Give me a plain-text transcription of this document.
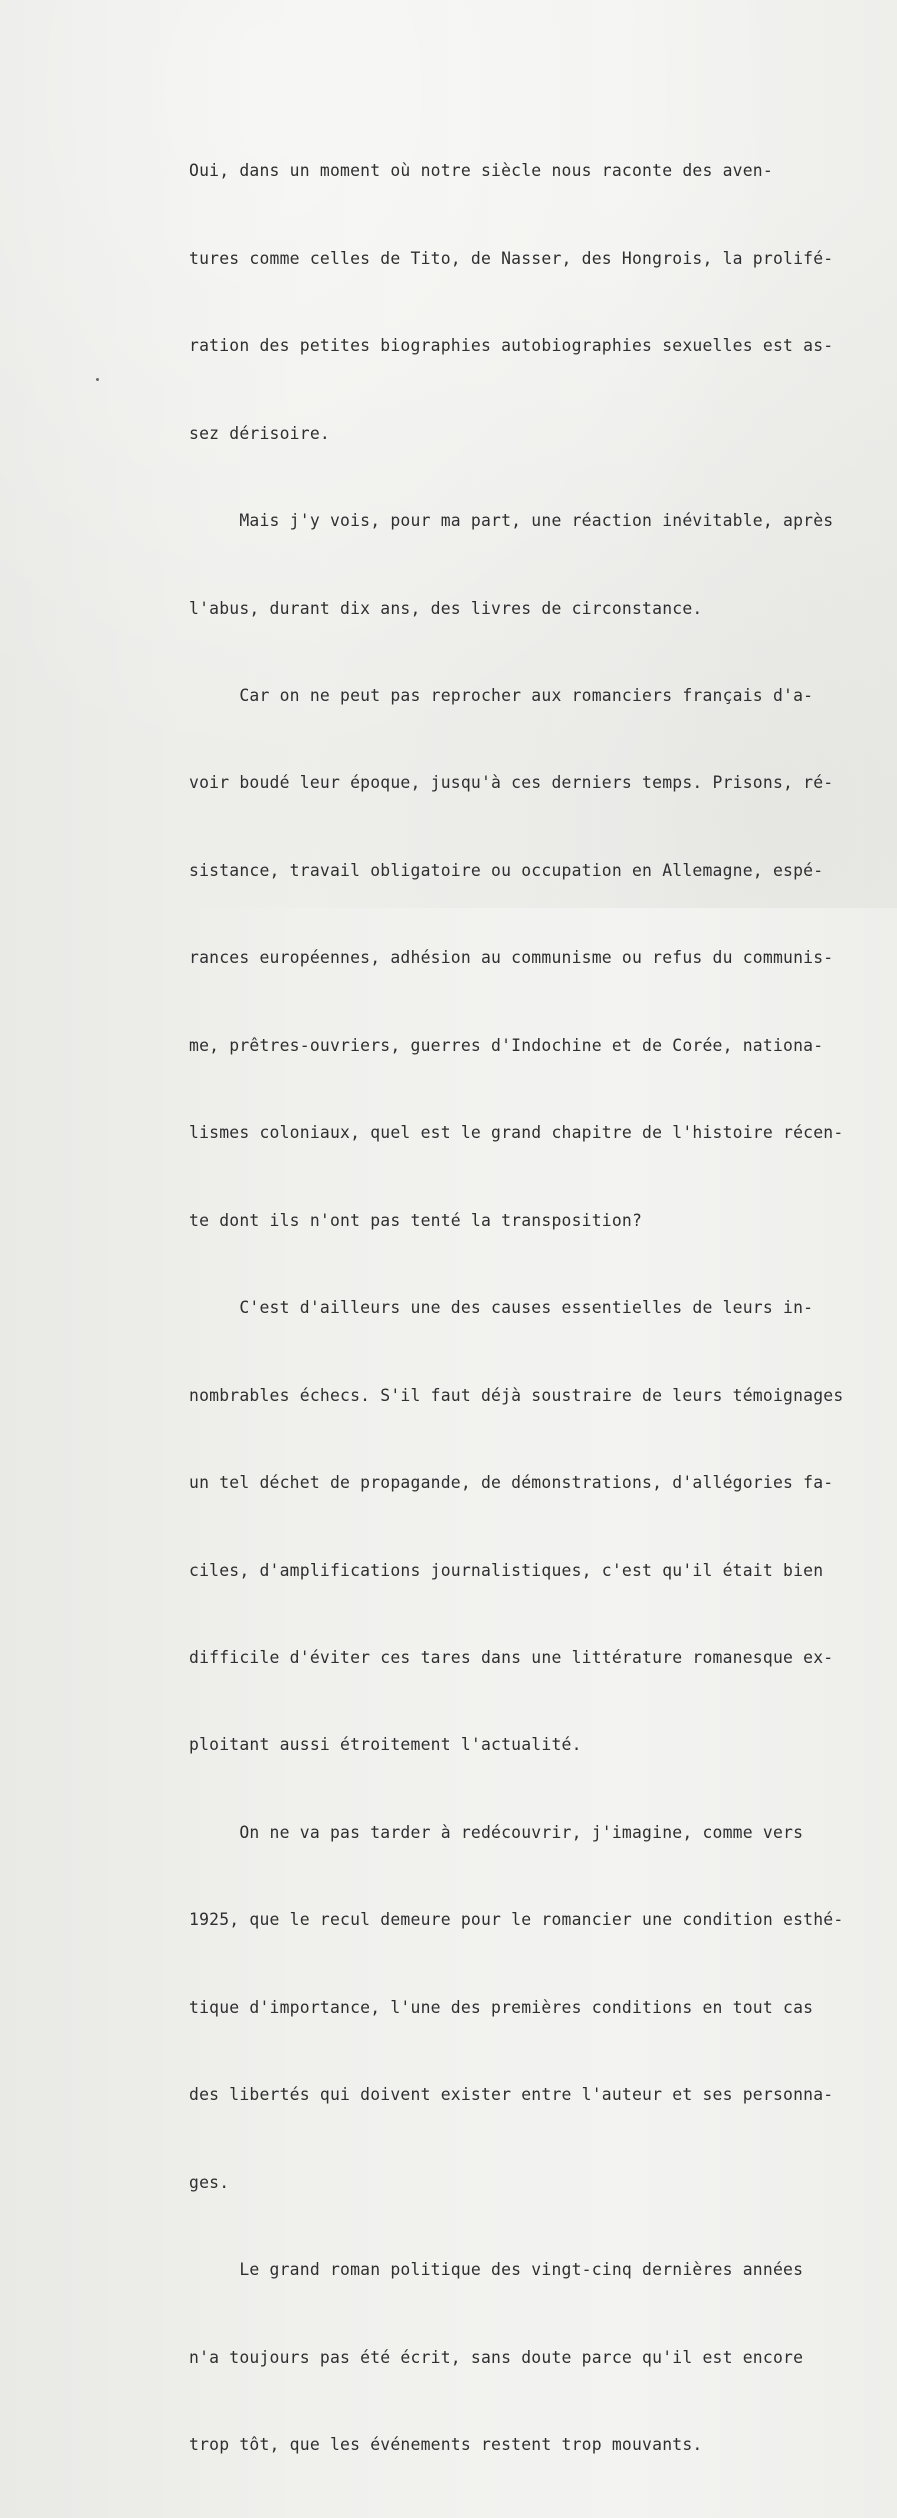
Oui, dans un moment où notre siècle nous raconte des aven-

tures comme celles de Tito, de Nasser, des Hongrois, la prolifé-

ration des petites biographies autobiographies sexuelles est as-

sez dérisoire.

Mais j'y vois, pour ma part, une réaction inévitable, après

l'abus, durant dix ans, des livres de circonstance.

Car on ne peut pas reprocher aux romanciers français d'a-

voir boudé leur époque, jusqu'à ces derniers temps. Prisons, ré-

sistance, travail obligatoire ou occupation en Allemagne, espé-

rances européennes, adhésion au communisme ou refus du communis-

me, prêtres-ouvriers, guerres d'Indochine et de Corée, nationa-

lismes coloniaux, quel est le grand chapitre de l'histoire récen-

te dont ils n'ont pas tenté la transposition?

C'est d'ailleurs une des causes essentielles de leurs in-

nombrables échecs. S'il faut déjà soustraire de leurs témoignages

un tel déchet de propagande, de démonstrations, d'allégories fa-

ciles, d'amplifications journalistiques, c'est qu'il était bien

difficile d'éviter ces tares dans une littérature romanesque ex-

ploitant aussi étroitement l'actualité.

On ne va pas tarder à redécouvrir, j'imagine, comme vers

1925, que le recul demeure pour le romancier une condition esthé-

tique d'importance, l'une des premières conditions en tout cas

des libertés qui doivent exister entre l'auteur et ses personna-

ges.

Le grand roman politique des vingt-cinq dernières années

n'a toujours pas été écrit, sans doute parce qu'il est encore

trop tôt, que les événements restent trop mouvants.
